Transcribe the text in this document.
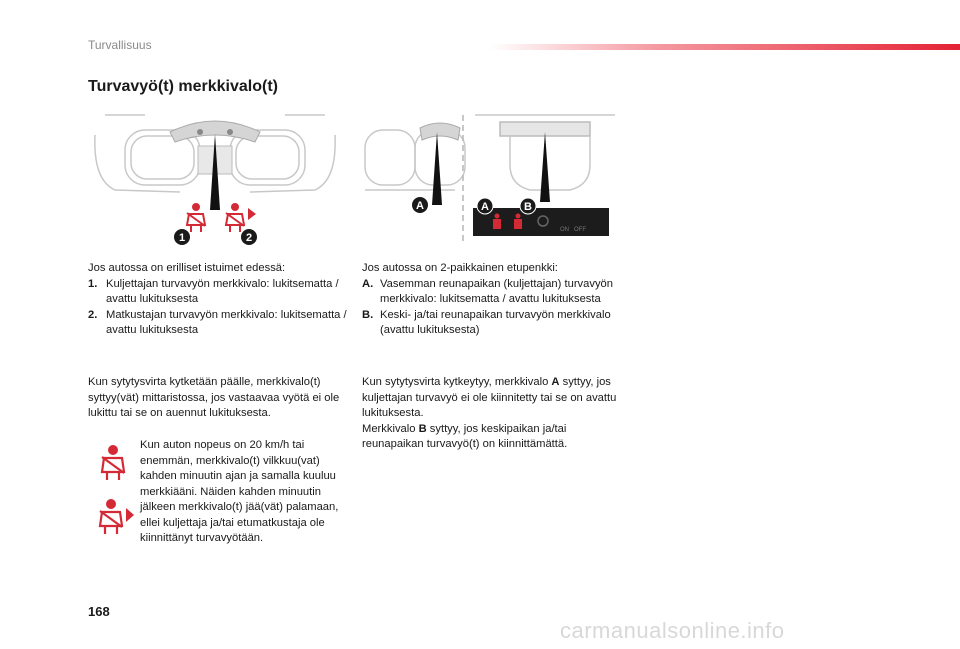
Turvallisuus
Turvavyö(t) merkkivalo(t)
1	2
A	A	B
ON OFF
Jos autossa on erilliset istuimet edessä:
1. Kuljettajan turvavyön merkkivalo: lukitsematta / avattu lukituksesta
2. Matkustajan turvavyön merkkivalo: lukitsematta / avattu lukituksesta
Kun sytytysvirta kytketään päälle, merkkivalo(t) syttyy(vät) mittaristossa, jos vastaavaa vyötä ei ole lukittu tai se on auennut lukituksesta.
Kun auton nopeus on 20 km/h tai enemmän, merkkivalo(t) vilkkuu(vat) kahden minuutin ajan ja samalla kuuluu merkkiääni. Näiden kahden minuutin jälkeen merkkivalo(t) jää(vät) palamaan, ellei kuljettaja ja/tai etumatkustaja ole kiinnittänyt turvavyötään.
Jos autossa on 2-paikkainen etupenkki:
A. Vasemman reunapaikan (kuljettajan) turvavyön merkkivalo: lukitsematta / avattu lukituksesta
B. Keski- ja/tai reunapaikan turvavyön merkkivalo (avattu lukituksesta)
Kun sytytysvirta kytkeytyy, merkkivalo A syttyy, jos kuljettajan turvavyö ei ole kiinnitetty tai se on avattu lukituksesta.
Merkkivalo B syttyy, jos keskipaikan ja/tai reunapaikan turvavyö(t) on kiinnittämättä.
168
carmanualsonline.info
